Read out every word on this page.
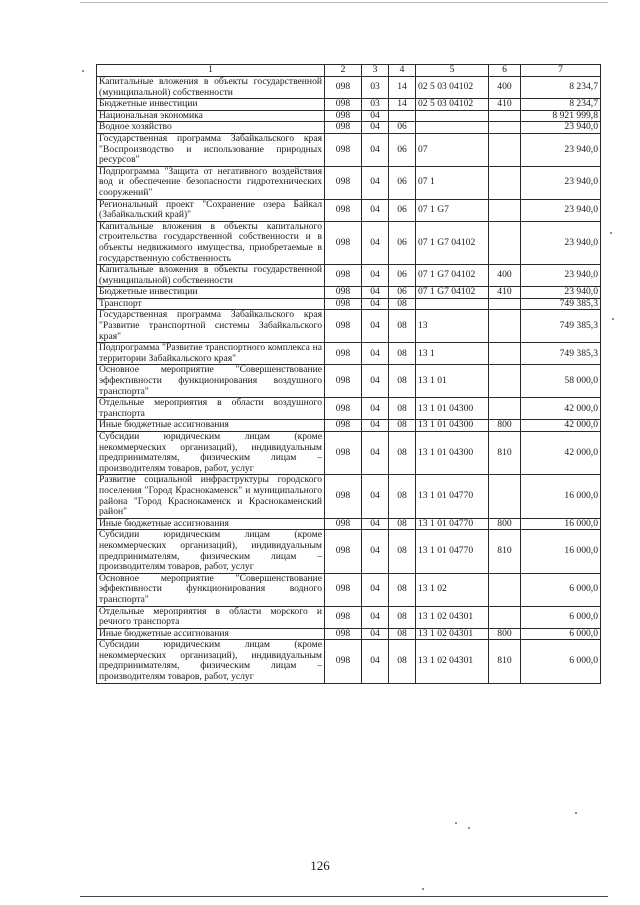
1	2	3	4	5	6	7
Капитальные вложения в объекты государственной (муниципальной) собственности	098	03	14	02 5 03 04102	400	8 234,7
Бюджетные инвестиции	098	03	14	02 5 03 04102	410	8 234,7
Национальная экономика	098	04				8 921 999,8
Водное хозяйство	098	04	06			23 940,0
Государственная программа Забайкальского края "Воспроизводство и использование природных ресурсов"	098	04	06	07		23 940,0
Подпрограмма "Защита от негативного воздействия вод и обеспечение безопасности гидротехнических сооружений"	098	04	06	07 1		23 940,0
Региональный проект "Сохранение озера Байкал (Забайкальский край)"	098	04	06	07 1 G7		23 940,0
Капитальные вложения в объекты капитального строительства государственной собственности и в объекты недвижимого имущества, приобретаемые в государственную собственность	098	04	06	07 1 G7 04102		23 940,0
Капитальные вложения в объекты государственной (муниципальной) собственности	098	04	06	07 1 G7 04102	400	23 940,0
Бюджетные инвестиции	098	04	06	07 1 G7 04102	410	23 940,0
Транспорт	098	04	08			749 385,3
Государственная программа Забайкальского края "Развитие транспортной системы Забайкальского края"	098	04	08	13		749 385,3
Подпрограмма "Развитие транспортного комплекса на территории Забайкальского края"	098	04	08	13 1		749 385,3
Основное мероприятие "Совершенствование эффективности функционирования воздушного транспорта"	098	04	08	13 1 01		58 000,0
Отдельные мероприятия в области воздушного транспорта	098	04	08	13 1 01 04300		42 000,0
Иные бюджетные ассигнования	098	04	08	13 1 01 04300	800	42 000,0
Субсидии юридическим лицам (кроме некоммерческих организаций), индивидуальным предпринимателям, физическим лицам – производителям товаров, работ, услуг	098	04	08	13 1 01 04300	810	42 000,0
Развитие социальной инфраструктуры городского поселения "Город Краснокаменск" и муниципального района "Город Краснокаменск и Краснокаменский район"	098	04	08	13 1 01 04770		16 000,0
Иные бюджетные ассигнования	098	04	08	13 1 01 04770	800	16 000,0
Субсидии юридическим лицам (кроме некоммерческих организаций), индивидуальным предпринимателям, физическим лицам – производителям товаров, работ, услуг	098	04	08	13 1 01 04770	810	16 000,0
Основное мероприятие "Совершенствование эффективности функционирования водного транспорта"	098	04	08	13 1 02		6 000,0
Отдельные мероприятия в области морского и речного транспорта	098	04	08	13 1 02 04301		6 000,0
Иные бюджетные ассигнования	098	04	08	13 1 02 04301	800	6 000,0
Субсидии юридическим лицам (кроме некоммерческих организаций), индивидуальным предпринимателям, физическим лицам – производителям товаров, работ, услуг	098	04	08	13 1 02 04301	810	6 000,0
126
